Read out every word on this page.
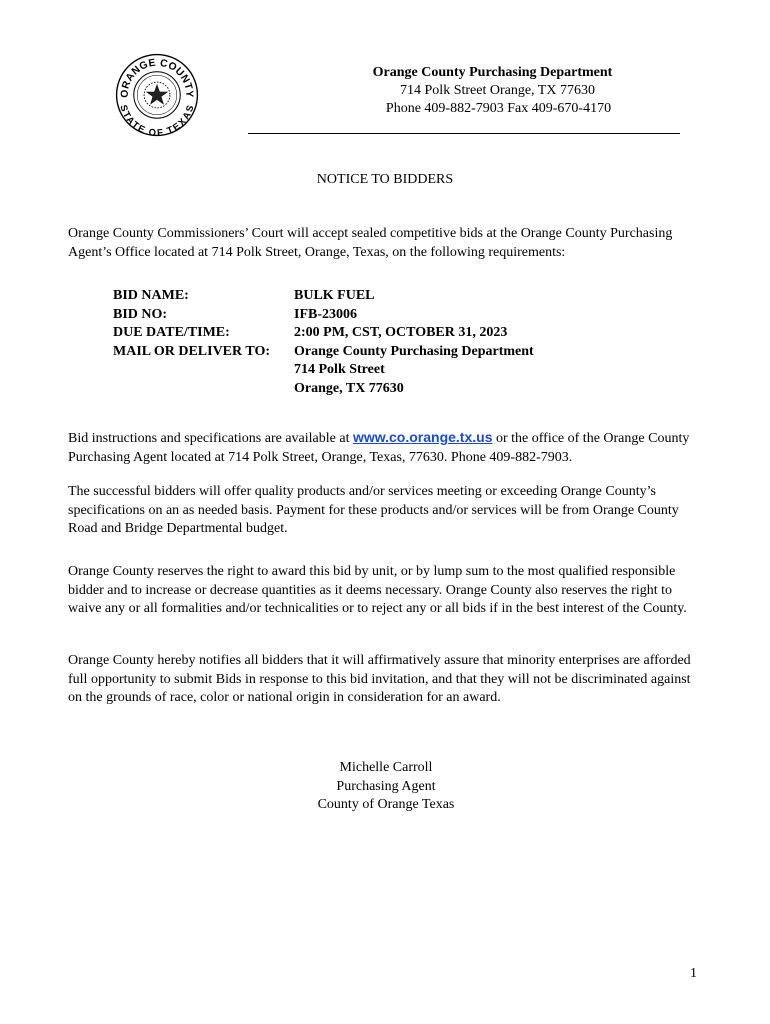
ORANGE COUNTY
STATE OF TEXAS
Orange County Purchasing Department
714 Polk Street Orange, TX 77630
Phone 409-882-7903 Fax 409-670-4170
NOTICE TO BIDDERS
Orange County Commissioners’ Court will accept sealed competitive bids at the Orange County Purchasing Agent’s Office located at 714 Polk Street, Orange, Texas, on the following requirements:
BID NAME:	BULK FUEL
BID NO:	IFB-23006
DUE DATE/TIME:	2:00 PM, CST, OCTOBER 31, 2023
MAIL OR DELIVER TO:	Orange County Purchasing Department
714 Polk Street
Orange, TX 77630
Bid instructions and specifications are available at www.co.orange.tx.us or the office of the Orange County Purchasing Agent located at 714 Polk Street, Orange, Texas, 77630. Phone 409-882-7903.
The successful bidders will offer quality products and/or services meeting or exceeding Orange County’s specifications on an as needed basis. Payment for these products and/or services will be from Orange County Road and Bridge Departmental budget.
Orange County reserves the right to award this bid by unit, or by lump sum to the most qualified responsible bidder and to increase or decrease quantities as it deems necessary. Orange County also reserves the right to waive any or all formalities and/or technicalities or to reject any or all bids if in the best interest of the County.
Orange County hereby notifies all bidders that it will affirmatively assure that minority enterprises are afforded full opportunity to submit Bids in response to this bid invitation, and that they will not be discriminated against on the grounds of race, color or national origin in consideration for an award.
Michelle Carroll
Purchasing Agent
County of Orange Texas
1
